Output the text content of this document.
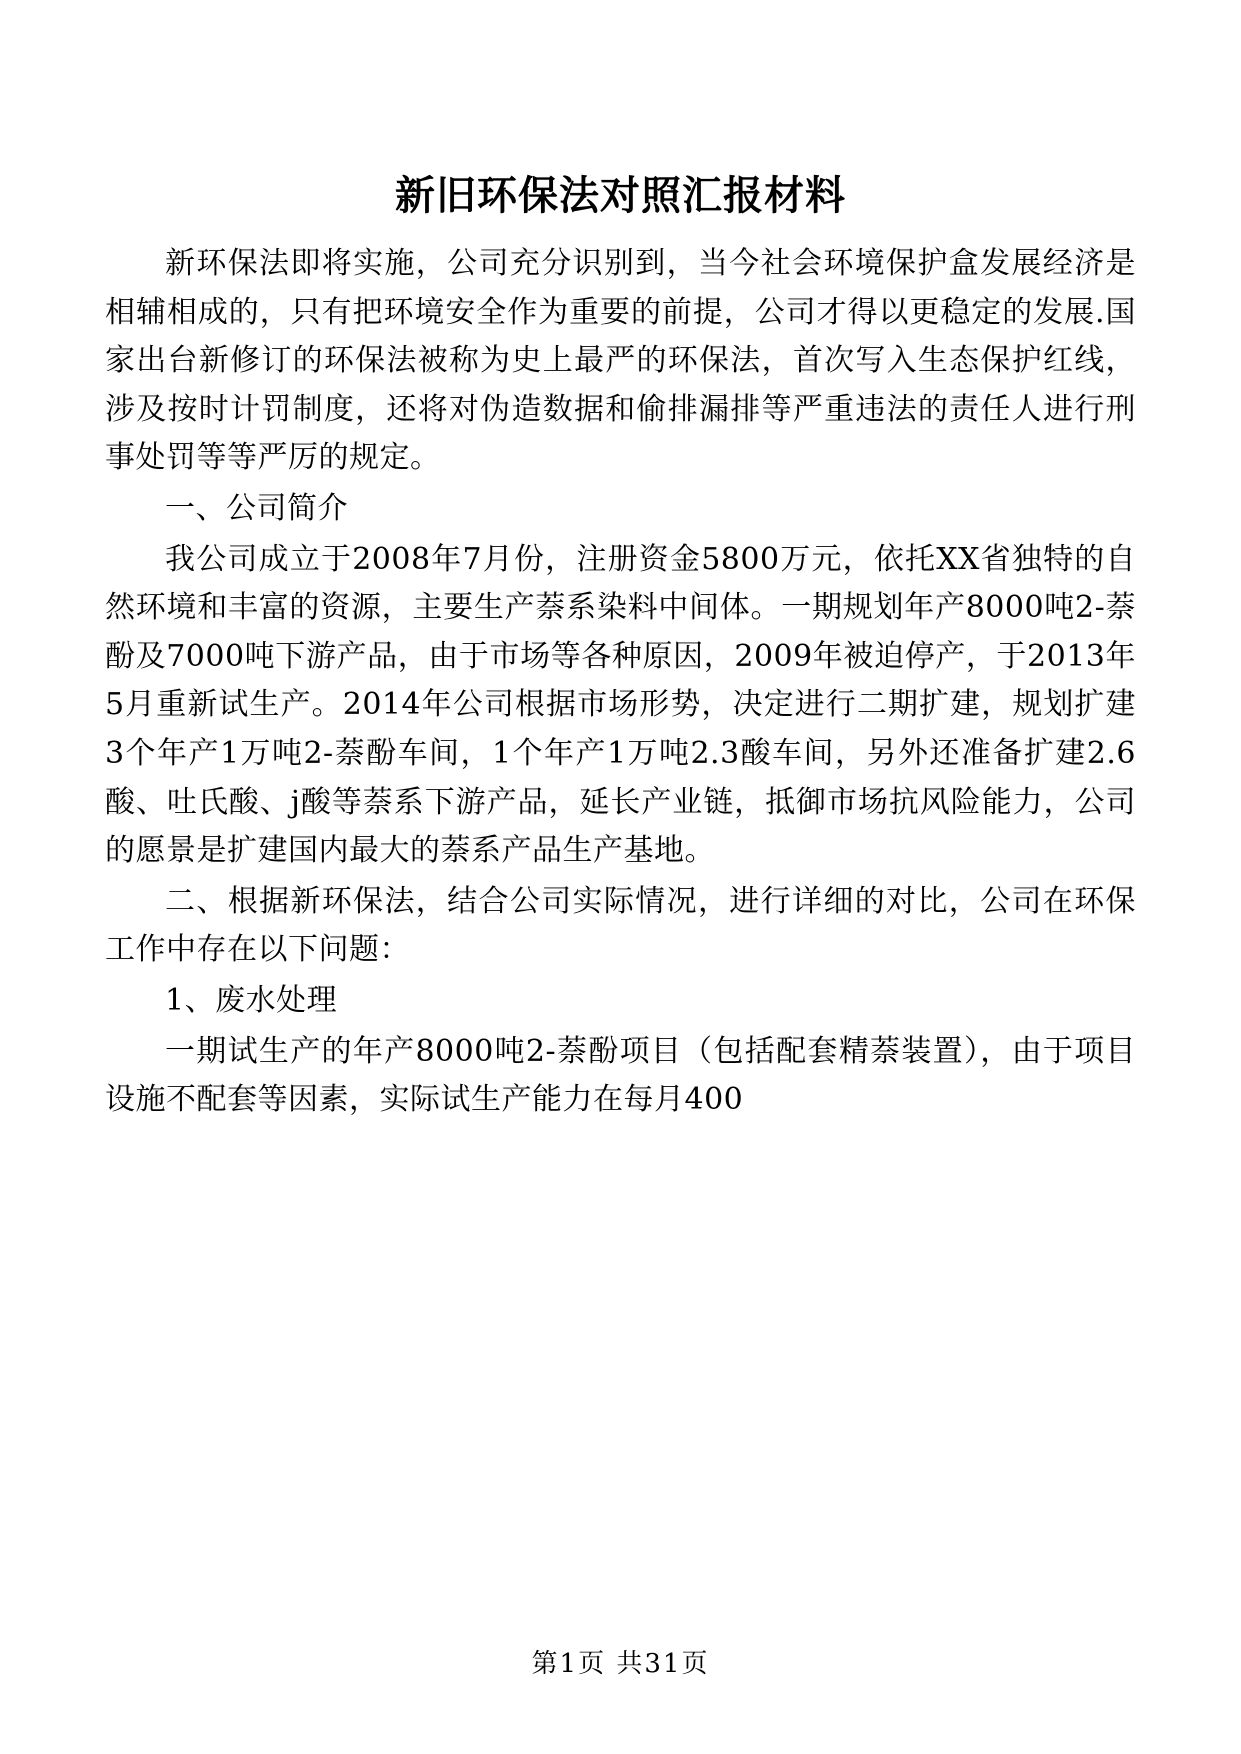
新旧环保法对照汇报材料

新环保法即将实施，公司充分识别到，当今社会环境保护盒发展经济是相辅相成的，只有把环境安全作为重要的前提，公司才得以更稳定的发展.国家出台新修订的环保法被称为史上最严的环保法，首次写入生态保护红线，涉及按时计罚制度，还将对伪造数据和偷排漏排等严重违法的责任人进行刑事处罚等等严厉的规定。

一、公司简介

我公司成立于2008年7月份，注册资金5800万元，依托XX省独特的自然环境和丰富的资源，主要生产萘系染料中间体。一期规划年产8000吨2-萘酚及7000吨下游产品，由于市场等各种原因，2009年被迫停产，于2013年5月重新试生产。2014年公司根据市场形势，决定进行二期扩建，规划扩建3个年产1万吨2-萘酚车间，1个年产1万吨2.3酸车间，另外还准备扩建2.6酸、吐氏酸、j酸等萘系下游产品，延长产业链，抵御市场抗风险能力，公司的愿景是扩建国内最大的萘系产品生产基地。

二、根据新环保法，结合公司实际情况，进行详细的对比，公司在环保工作中存在以下问题：

1、废水处理

一期试生产的年产8000吨2-萘酚项目（包括配套精萘装置），由于项目设施不配套等因素，实际试生产能力在每月400

第1页 共31页
